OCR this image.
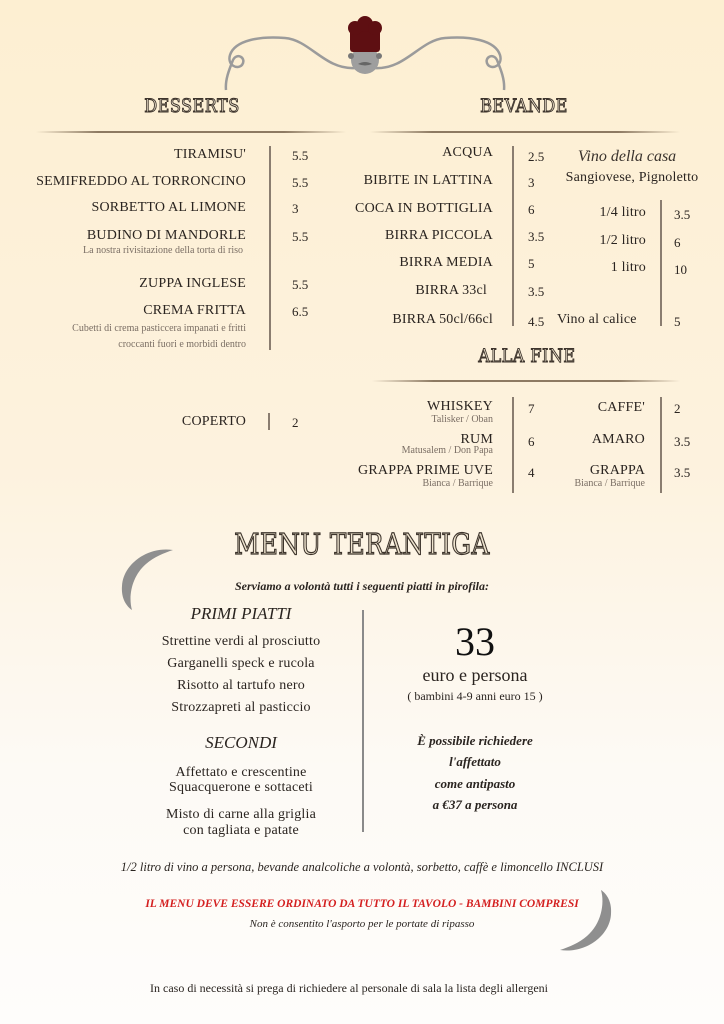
DESSERTS
TIRAMISU'	5.5
SEMIFREDDO AL TORRONCINO	5.5
SORBETTO AL LIMONE	3
BUDINO DI MANDORLE	5.5
La nostra rivisitazione della torta di riso
ZUPPA INGLESE	5.5
CREMA FRITTA	6.5
Cubetti di crema pasticcera impanati e fritti
croccanti fuori e morbidi dentro
COPERTO	2
BEVANDE
ACQUA	2.5
BIBITE IN LATTINA	3
COCA IN BOTTIGLIA	6
BIRRA PICCOLA	3.5
BIRRA MEDIA	5
BIRRA 33cl	3.5
BIRRA 50cl/66cl	4.5
Vino della casa
Sangiovese, Pignoletto
1/4 litro 3.5
1/2 litro 6
1 litro 10
Vino al calice	5
ALLA FINE
WHISKEY
Talisker / Oban
7
RUM
Matusalem / Don Papa
6
GRAPPA PRIME UVE
Bianca / Barrique
4
CAFFE' 2
AMARO 3.5
GRAPPA
Bianca / Barrique
3.5
MENU TERANTIGA
Serviamo a volontà tutti i seguenti piatti in pirofila:
PRIMI PIATTI
Strettine verdi al prosciutto
Garganelli speck e rucola
Risotto al tartufo nero
Strozzapreti al pasticcio
SECONDI
Affettato e crescentine
Squacquerone e sottaceti
Misto di carne alla griglia
con tagliata e patate
33
euro e persona
( bambini 4-9 anni euro 15 )
È possibile richiedere
l'affettato
come antipasto
a €37 a persona
1/2 litro di vino a persona, bevande analcoliche a volontà, sorbetto, caffè e limoncello INCLUSI
IL MENU DEVE ESSERE ORDINATO DA TUTTO IL TAVOLO - BAMBINI COMPRESI
Non è consentito l'asporto per le portate di ripasso
In caso di necessità si prega di richiedere al personale di sala la lista degli allergeni
